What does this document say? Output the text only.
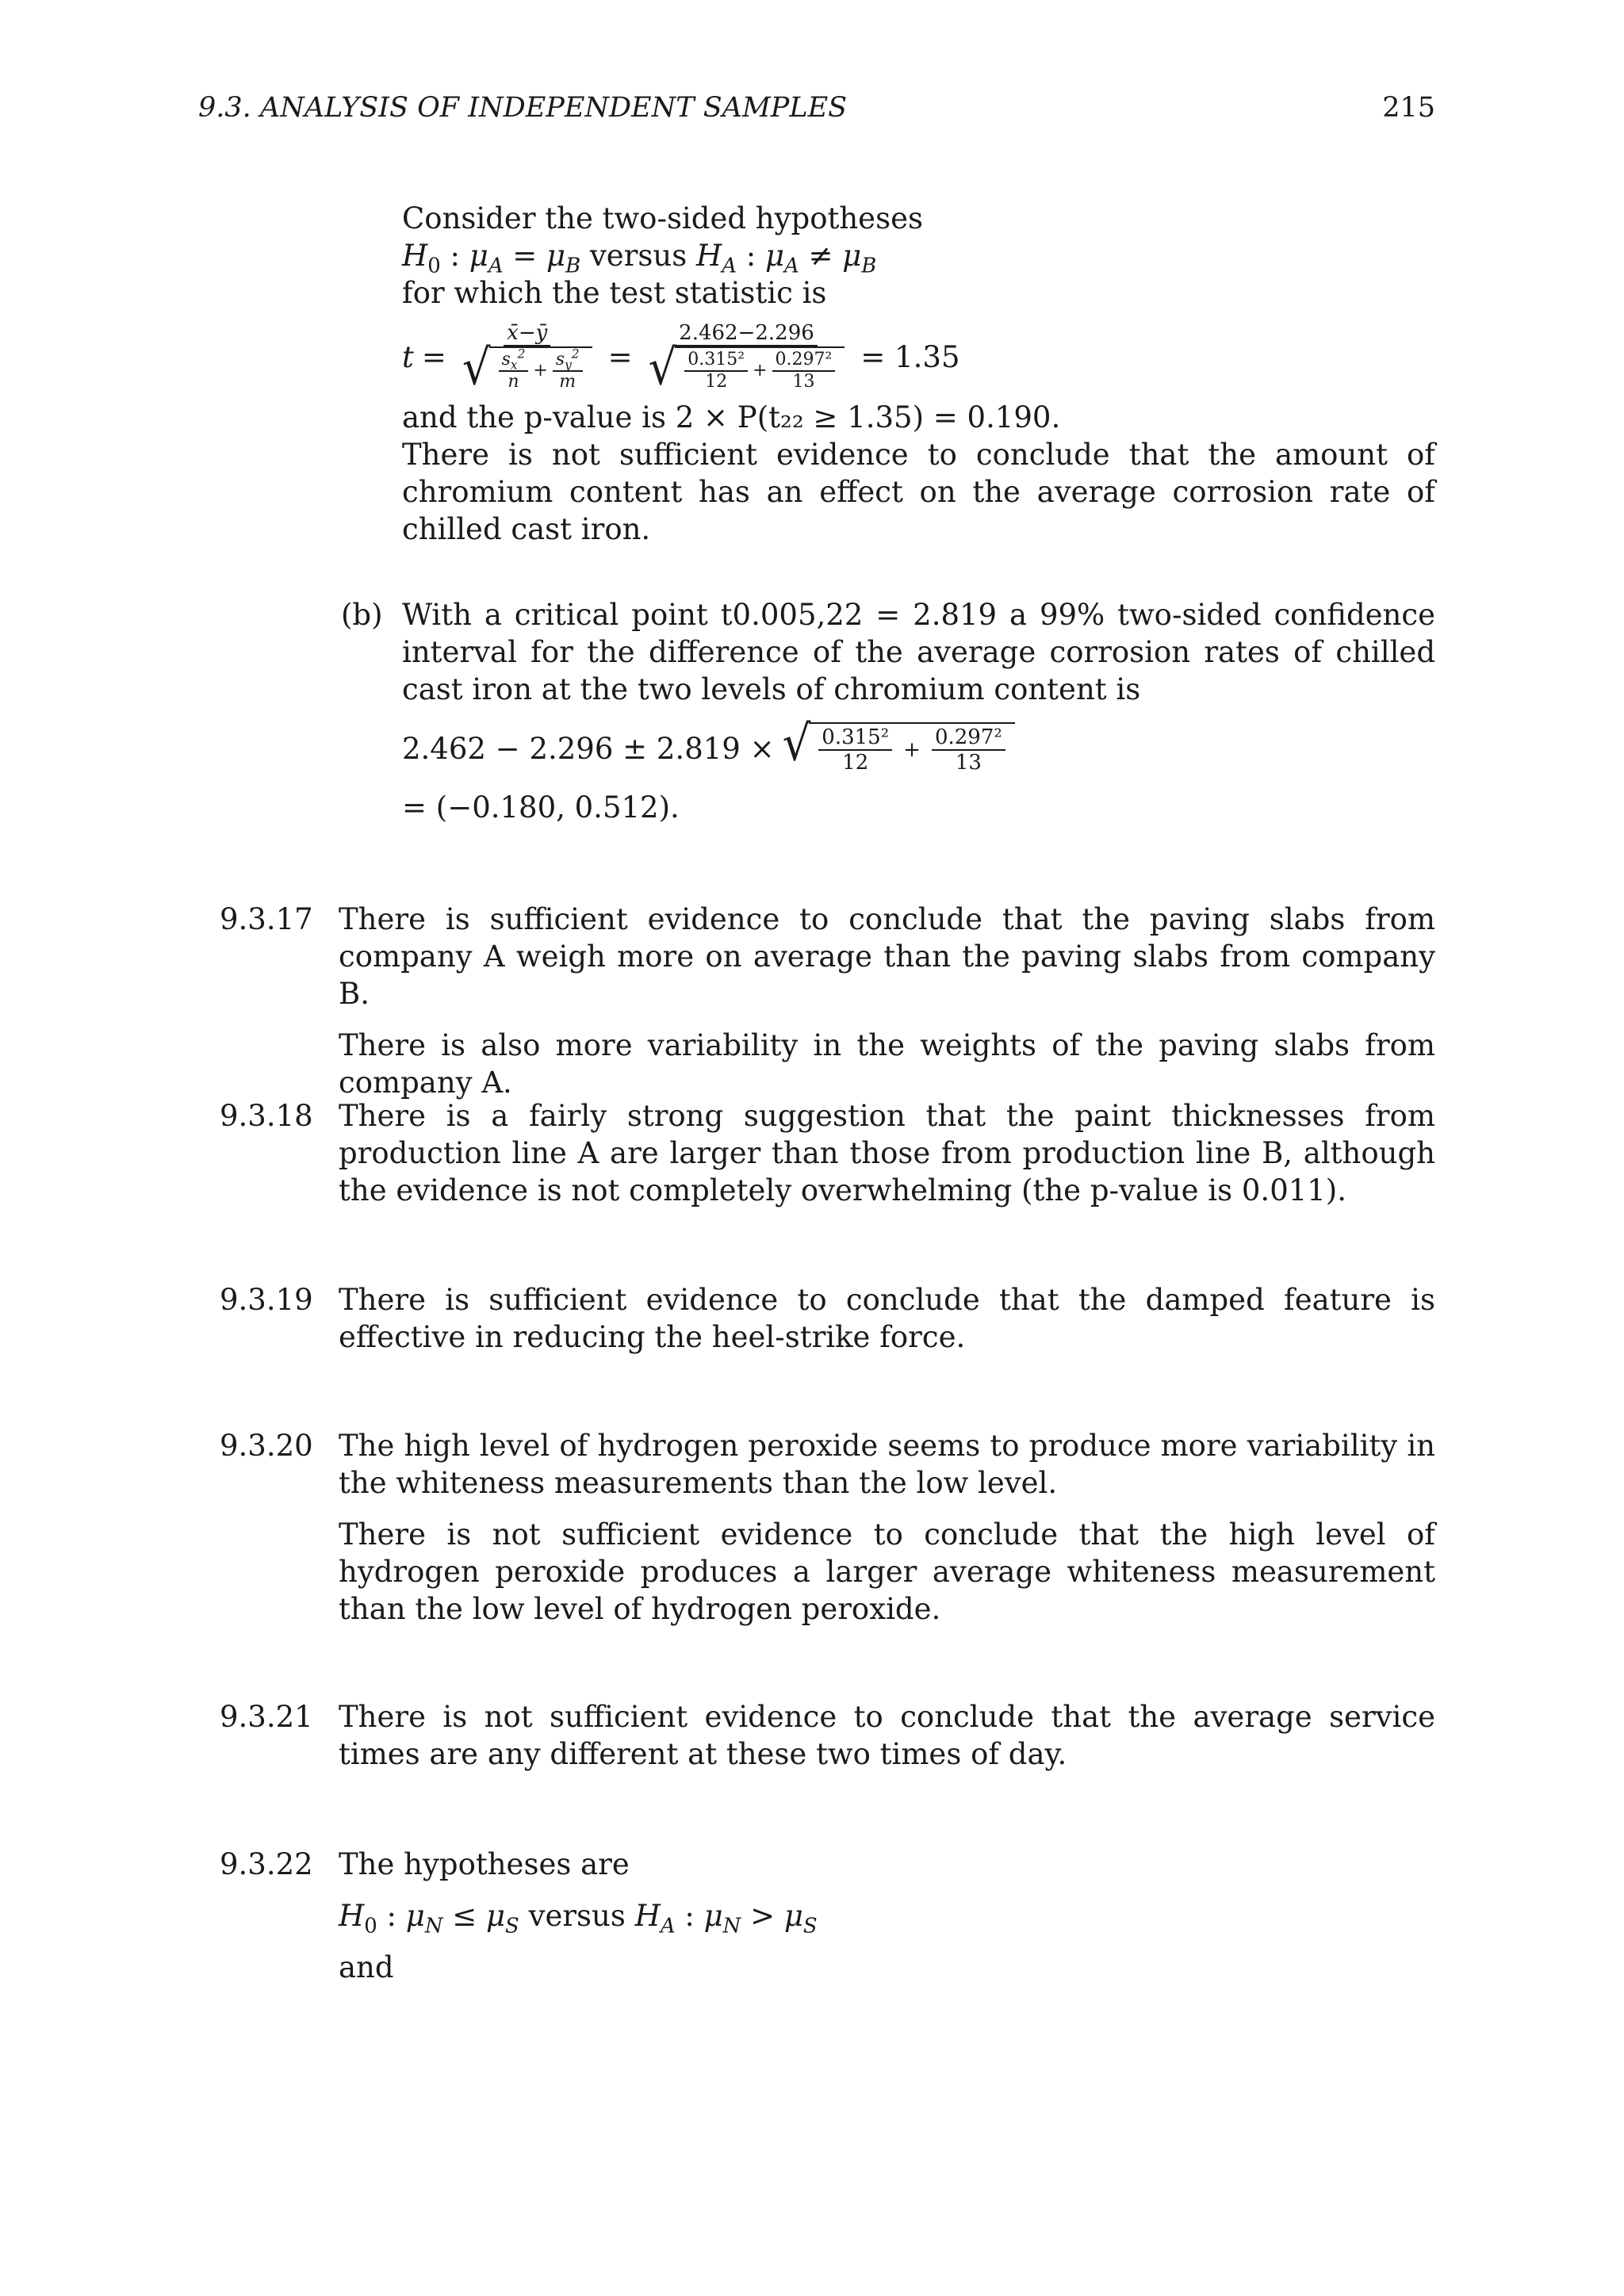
9.3. ANALYSIS OF INDEPENDENT SAMPLES	215

Consider the two-sided hypotheses

$H_0$ : $\mu_A = \mu_B$ versus $H_A$ : $\mu_A \ne \mu_B$

for which the test statistic is

$t = \frac{x̄-ȳ}{√ \frac{s_x^2}{n} + \frac{s_y^2}{m}} = \frac{2.462-2.296}{√ \frac{\text{0.315²}}{12} + \frac{\text{0.297²}}{13}} = 1.35$

and the p-value is 2 × P(t₂₂ ≥ 1.35) = 0.190.

There is not sufficient evidence to conclude that the amount of chromium content has an effect on the average corrosion rate of chilled cast iron.

(b) With a critical point t0.005,22 = 2.819 a 99% two-sided confidence interval for the difference of the average corrosion rates of chilled cast iron at the two levels of chromium content is

2.462 − 2.296 ± 2.819 × √ $\frac{\text{0.315²}}{12} + \frac{\text{0.297²}}{13}$

= (−0.180, 0.512).

9.3.17 There is sufficient evidence to conclude that the paving slabs from company A weigh more on average than the paving slabs from company B.

There is also more variability in the weights of the paving slabs from company A.

9.3.18 There is a fairly strong suggestion that the paint thicknesses from production line A are larger than those from production line B, although the evidence is not completely overwhelming (the p-value is 0.011).

9.3.19 There is sufficient evidence to conclude that the damped feature is effective in reducing the heel-strike force.

9.3.20 The high level of hydrogen peroxide seems to produce more variability in the whiteness measurements than the low level.

There is not sufficient evidence to conclude that the high level of hydrogen peroxide produces a larger average whiteness measurement than the low level of hydrogen peroxide.

9.3.21 There is not sufficient evidence to conclude that the average service times are any different at these two times of day.

9.3.22 The hypotheses are

$H_0$ : $\mu_N \le \mu_S$ versus $H_A$ : $\mu_N > \mu_S$

and
